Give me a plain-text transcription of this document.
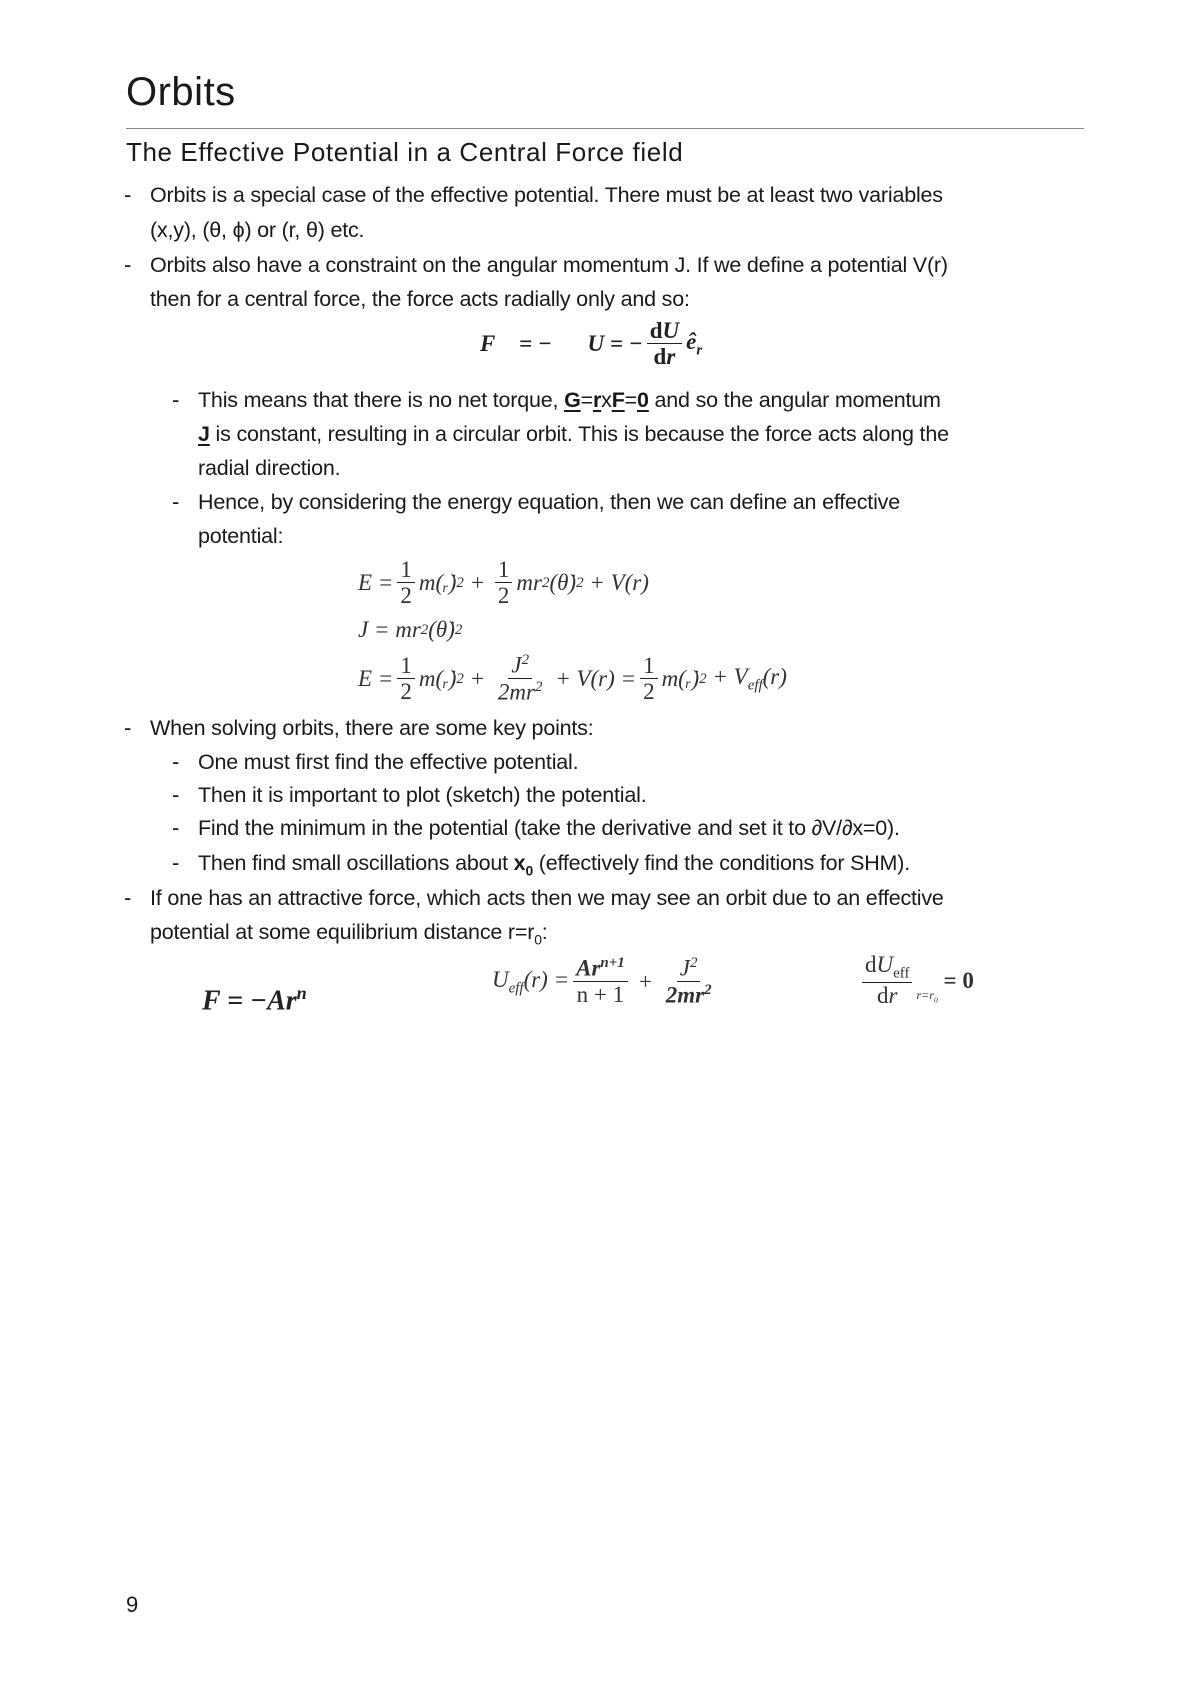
Orbits
The Effective Potential in a Central Force field
- Orbits is a special case of the effective potential. There must be at least two variables
(x,y), (θ, ϕ) or (r, θ) etc.
- Orbits also have a constraint on the angular momentum J. If we define a potential V(r)
then for a central force, the force acts radially only and so:
F⃗ = −∇⃗U = − $\frac{dU}{dr}$ $ê_r$
- This means that there is no net torque, G=rxF=0 and so the angular momentum
J is constant, resulting in a circular orbit. This is because the force acts along the
radial direction.
- Hence, by considering the energy equation, then we can define an effective
potential:
$E = \frac{1}{2}$ m(ᵣ̇) $2 + \frac{1}{2}$ mr 2 (θ̇) 2 + V(r)
J = mr 2 (θ̇) 2
$E = \frac{1}{2}$ m(ᵣ̇) $2 + \frac{J^2}{2mr^2} + V(r) = \frac{1}{2}$ m(ᵣ̇) $2 + V_{eff}(r)$
- When solving orbits, there are some key points:
- One must first find the effective potential.
- Then it is important to plot (sketch) the potential.
- Find the minimum in the potential (take the derivative and set it to ∂V/∂x=0).
- Then find small oscillations about $x_0$ (effectively find the conditions for SHM).
- If one has an attractive force, which acts then we may see an orbit due to an effective
potential at some equilibrium distance $r=r_0$:
$F = -Ar^n$
$U_{eff}(r) = \frac{Ar^{n+1}}{n + 1} + \frac{J^2}{2mr^2}$	$\frac{dU_{eff}}{dr} r=r_0$
= 0
9
